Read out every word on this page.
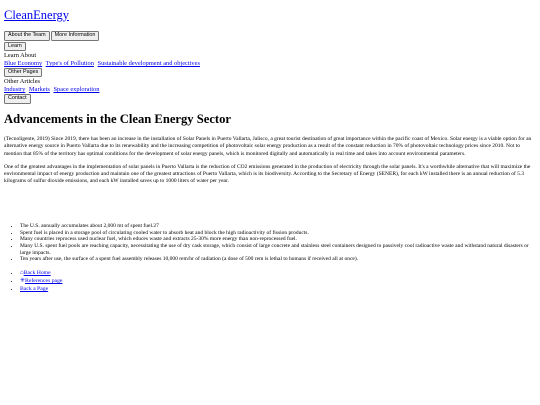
CleanEnergy
About the Team More Information
Learn
Learn About
Blue Economy Type's of Pollution Sustainable development and objectives
Other Pages
Other Articles
Industry Markets Space exploration
Contact
Advancements in the Clean Energy Sector

(Tecnoligente, 2019) Since 2019, there has been an increase in the installation of Solar Panels in Puerto Vallarta, Jalisco, a great tourist destination of great importance within the pacific coast of Mexico. Solar energy is a viable option for an alternative energy source in Puerto Vallarta due to its renewability and the increasing competition of photovoltaic solar energy production as a result of the constant reduction in 70% of photovoltaic technology prices since 2010. Not to mention that 85% of the territory has optimal conditions for the development of solar energy panels, which is monitored digitally and automatically in real time and takes into account environmental parameters.

One of the greatest advantages in the implementation of solar panels in Puerto Vallarta is the reduction of CO2 emissions generated in the production of electricity through the solar panels. It's a worthwhile alternative that will maximize the environmental impact of energy production and maintain one of the greatest attractions of Puerto Vallarta, which is its biodiversity. According to the Secretary of Energy (SENER), for each kW installed there is an annual reduction of 5.3 kilograms of sulfur dioxide emissions, and each kW installed saves up to 1000 liters of water per year.

• The U.S. annually accumulates about 2,000 mt of spent fuel.27
• Spent fuel is placed in a storage pool of circulating cooled water to absorb heat and block the high radioactivity of fission products.
• Many countries reprocess used nuclear fuel, which educes waste and extracts 25-30% more energy than non-reprocessed fuel.
• Many U.S. spent fuel pools are reaching capacity, necessitating the use of dry cask storage, which consist of large concrete and stainless steel containers designed to passively cool radioactive waste and withstand natural disasters or large impacts.
• Ten years after use, the surface of a spent fuel assembly releases 10,000 rem/hr of radiation (a dose of 500 rem is lethal to humans if received all at once).
• ⌂Back Home
• ✳References page
• Back a Page
